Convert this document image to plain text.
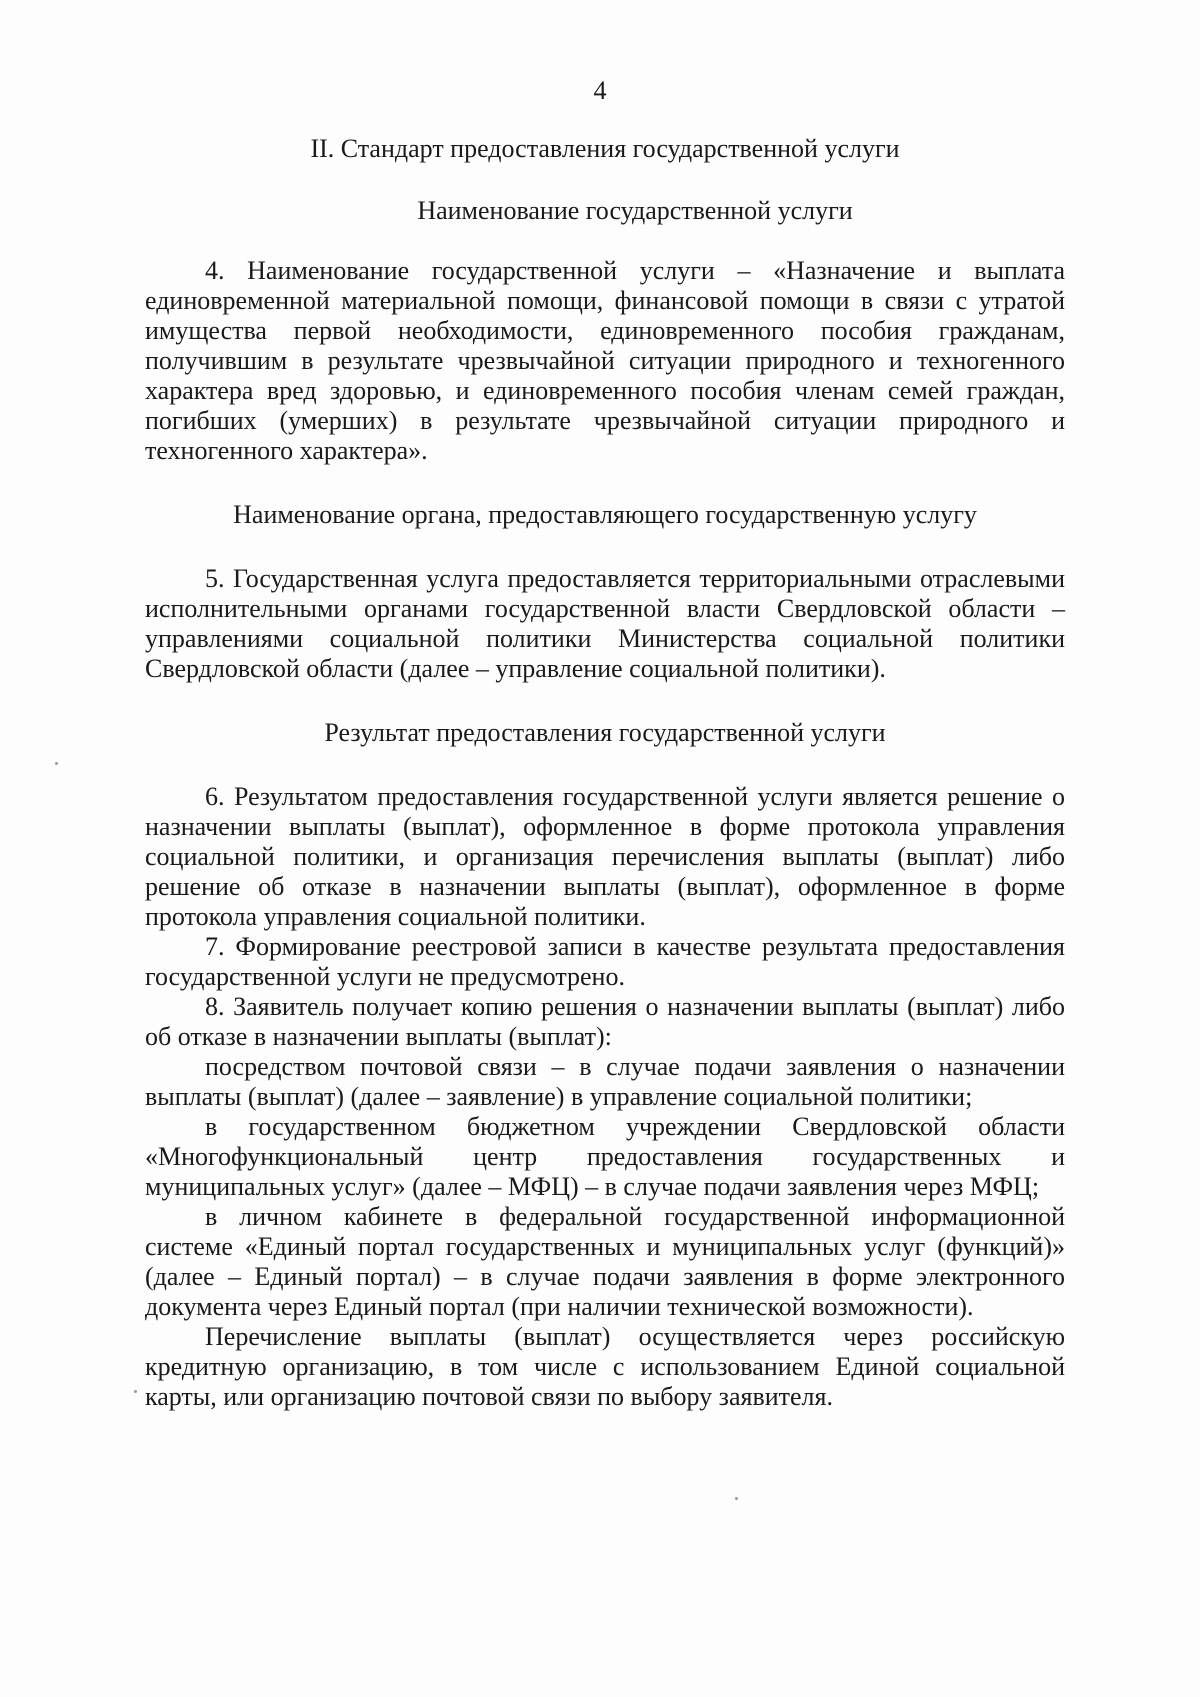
4
II. Стандарт предоставления государственной услуги
Наименование государственной услуги

4. Наименование государственной услуги – «Назначение и выплата единовременной материальной помощи, финансовой помощи в связи с утратой имущества первой необходимости, единовременного пособия гражданам, получившим в результате чрезвычайной ситуации природного и техногенного характера вред здоровью, и единовременного пособия членам семей граждан, погибших (умерших) в результате чрезвычайной ситуации природного и техногенного характера».

Наименование органа, предоставляющего государственную услугу

5. Государственная услуга предоставляется территориальными отраслевыми исполнительными органами государственной власти Свердловской области – управлениями социальной политики Министерства социальной политики Свердловской области (далее – управление социальной политики).

Результат предоставления государственной услуги

6. Результатом предоставления государственной услуги является решение о назначении выплаты (выплат), оформленное в форме протокола управления социальной политики, и организация перечисления выплаты (выплат) либо решение об отказе в назначении выплаты (выплат), оформленное в форме протокола управления социальной политики.

7. Формирование реестровой записи в качестве результата предоставления государственной услуги не предусмотрено.

8. Заявитель получает копию решения о назначении выплаты (выплат) либо об отказе в назначении выплаты (выплат):

посредством почтовой связи – в случае подачи заявления о назначении выплаты (выплат) (далее – заявление) в управление социальной политики;

в государственном бюджетном учреждении Свердловской области «Многофункциональный центр предоставления государственных и муниципальных услуг» (далее – МФЦ) – в случае подачи заявления через МФЦ;

в личном кабинете в федеральной государственной информационной системе «Единый портал государственных и муниципальных услуг (функций)» (далее – Единый портал) – в случае подачи заявления в форме электронного документа через Единый портал (при наличии технической возможности).

Перечисление выплаты (выплат) осуществляется через российскую кредитную организацию, в том числе с использованием Единой социальной карты, или организацию почтовой связи по выбору заявителя.
